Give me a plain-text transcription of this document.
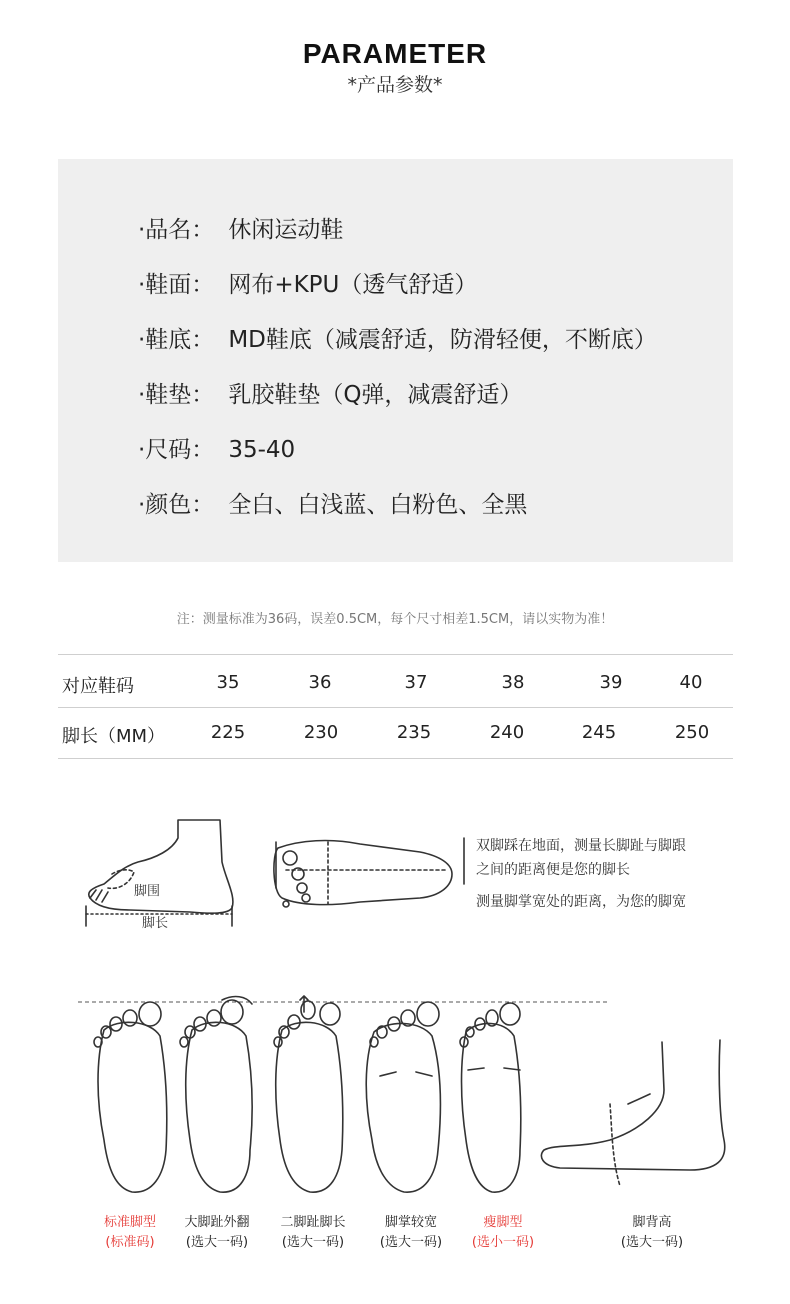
PARAMETER
*产品参数*
·品名： 休闲运动鞋
·鞋面： 网布+KPU（透气舒适）
·鞋底： MD鞋底（减震舒适，防滑轻便，不断底）
·鞋垫： 乳胶鞋垫（Q弹，减震舒适）
·尺码： 35-40
·颜色： 全白、白浅蓝、白粉色、全黑
注：测量标准为36码，误差0.5CM，每个尺寸相差1.5CM，请以实物为准！
对应鞋码	35	36	37	38	39	40
脚长（MM）	225	230	235	240	245	250
脚围
脚长
双脚踩在地面，测量长脚趾与脚跟
之间的距离便是您的脚长
测量脚掌宽处的距离，为您的脚宽
标准脚型
(标准码)
大脚趾外翻
(选大一码)
二脚趾脚长
(选大一码)
脚掌较宽
(选大一码)
瘦脚型
(选小一码)
脚背高
(选大一码)
